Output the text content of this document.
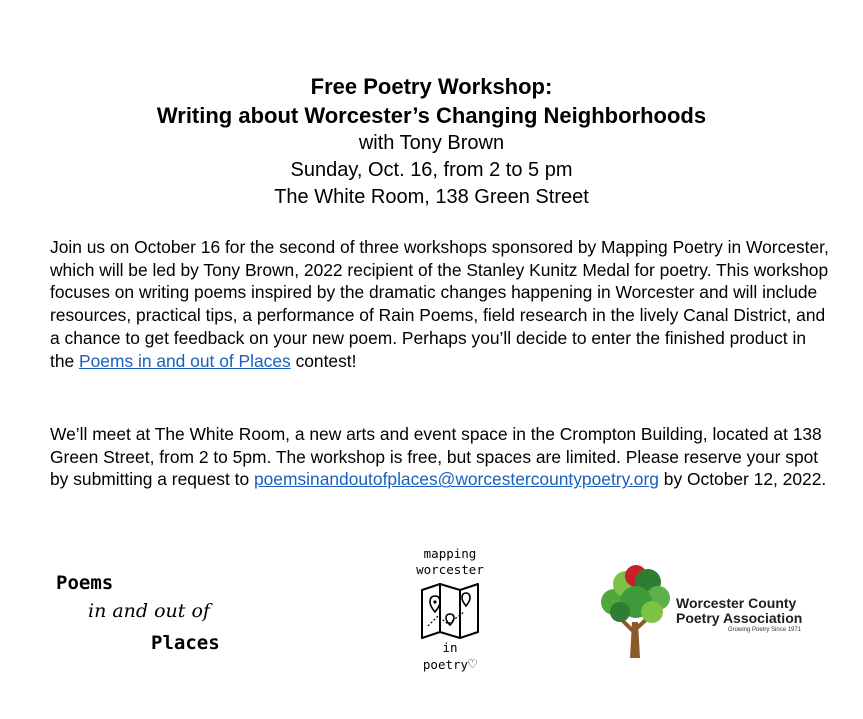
Free Poetry Workshop:
Writing about Worcester’s Changing Neighborhoods
with Tony Brown
Sunday, Oct. 16, from 2 to 5 pm
The White Room, 138 Green Street
Join us on October 16 for the second of three workshops sponsored by Mapping Poetry in Worcester, which will be led by Tony Brown, 2022 recipient of the Stanley Kunitz Medal for poetry. This workshop focuses on writing poems inspired by the dramatic changes happening in Worcester and will include resources, practical tips, a performance of Rain Poems, field research in the lively Canal District, and a chance to get feedback on your new poem. Perhaps you’ll decide to enter the finished product in the Poems in and out of Places contest!
We’ll meet at The White Room, a new arts and event space in the Crompton Building, located at 138 Green Street, from 2 to 5pm. The workshop is free, but spaces are limited. Please reserve your spot by submitting a request to poemsinandoutofplaces@worcestercountypoetry.org by October 12, 2022.
Poems
in and out of
Places
mapping
worcester
in
poetry♡
Worcester County
Poetry Association
Growing Poetry Since 1971
